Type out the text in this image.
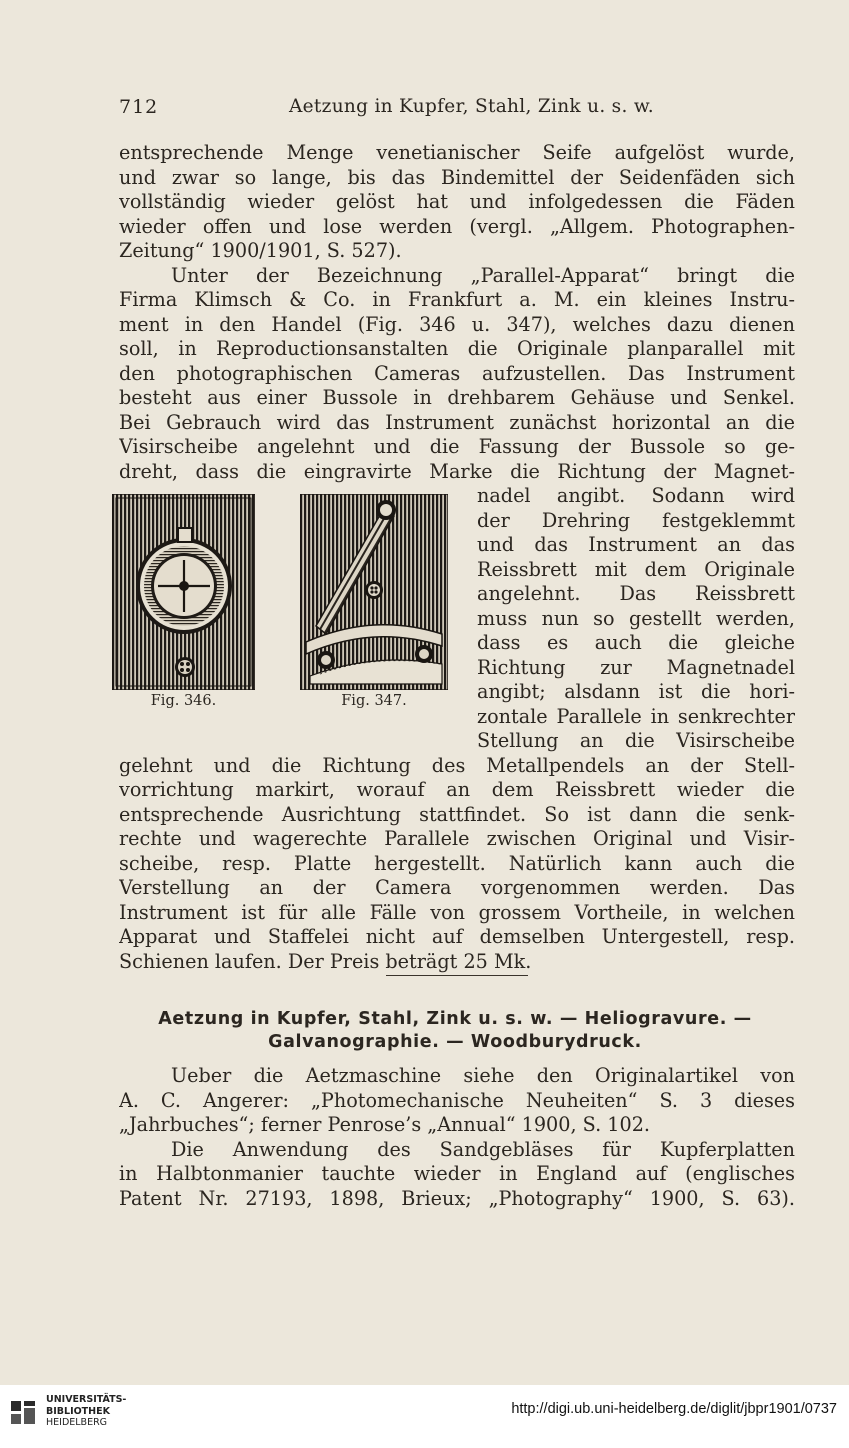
712	Aetzung in Kupfer, Stahl, Zink u. s. w.
entsprechende Menge venetianischer Seife aufgelöst wurde,
und zwar so lange, bis das Bindemittel der Seidenfäden sich
vollständig wieder gelöst hat und infolgedessen die Fäden
wieder offen und lose werden (vergl. „Allgem. Photographen-
Zeitung“ 1900/1901, S. 527).
Unter der Bezeichnung „Parallel-Apparat“ bringt die
Firma Klimsch & Co. in Frankfurt a. M. ein kleines Instru-
ment in den Handel (Fig. 346 u. 347), welches dazu dienen
soll, in Reproductionsanstalten die Originale planparallel mit
den photographischen Cameras aufzustellen. Das Instrument
besteht aus einer Bussole in drehbarem Gehäuse und Senkel.
Bei Gebrauch wird das Instrument zunächst horizontal an die
Visirscheibe angelehnt und die Fassung der Bussole so ge-
dreht, dass die eingravirte Marke die Richtung der Magnet-
nadel angibt. Sodann wird
der Drehring festgeklemmt
und das Instrument an das
Reissbrett mit dem Originale
angelehnt. Das Reissbrett
muss nun so gestellt werden,
dass es auch die gleiche
Richtung zur Magnetnadel
angibt; alsdann ist die hori-
zontale Parallele in senkrechter
Stellung an die Visirscheibe
gelehnt und die Richtung des Metallpendels an der Stell-
vorrichtung markirt, worauf an dem Reissbrett wieder die
entsprechende Ausrichtung stattfindet. So ist dann die senk-
rechte und wagerechte Parallele zwischen Original und Visir-
scheibe, resp. Platte hergestellt. Natürlich kann auch die
Verstellung an der Camera vorgenommen werden. Das
Instrument ist für alle Fälle von grossem Vortheile, in welchen
Apparat und Staffelei nicht auf demselben Untergestell, resp.
Schienen laufen. Der Preis beträgt 25 Mk.
Fig. 346.	Fig. 347.
Aetzung in Kupfer, Stahl, Zink u. s. w. — Heliogravure. —
Galvanographie. — Woodburydruck.
Ueber die Aetzmaschine siehe den Originalartikel von
A. C. Angerer: „Photomechanische Neuheiten“ S. 3 dieses
„Jahrbuches“; ferner Penrose’s „Annual“ 1900, S. 102.
Die Anwendung des Sandgebläses für Kupferplatten
in Halbtonmanier tauchte wieder in England auf (englisches
Patent Nr. 27193, 1898, Brieux; „Photography“ 1900, S. 63).
UNIVERSITÄTS-
BIBLIOTHEK
HEIDELBERG
http://digi.ub.uni-heidelberg.de/diglit/jbpr1901/0737
